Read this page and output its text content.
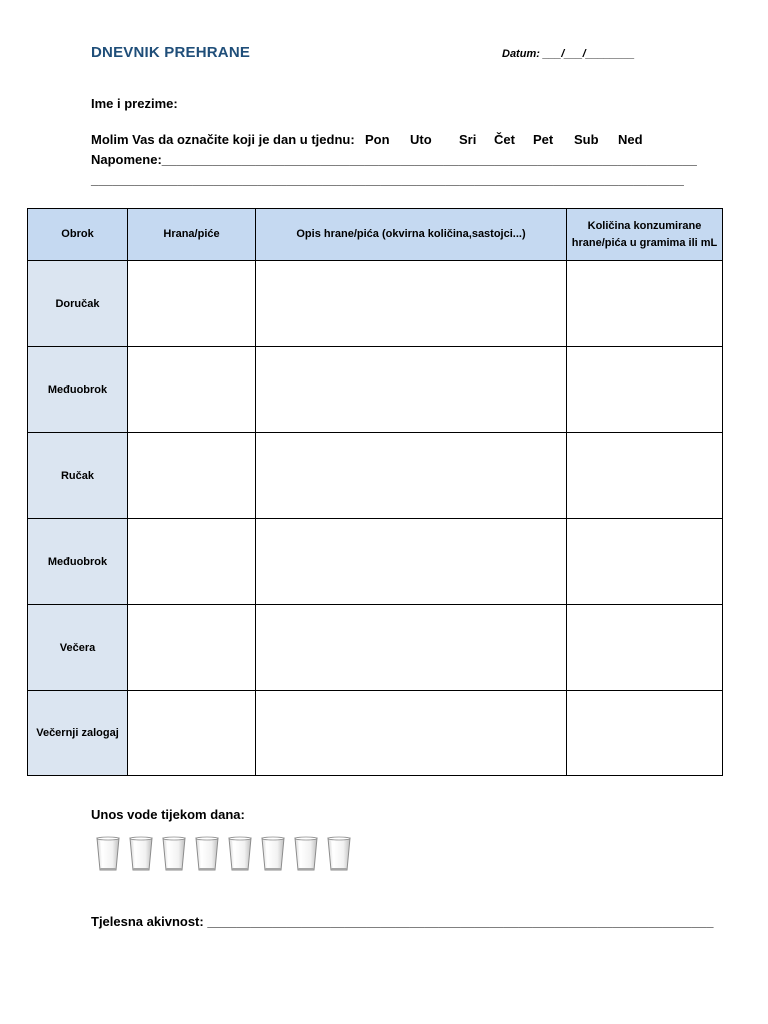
DNEVNIK PREHRANE	Datum: ___/___/________
Ime i prezime:
Molim Vas da označite koji je dan u tjednu: Pon Uto Sri Čet Pet Sub Ned
Napomene:__________________________________________________________________________
__________________________________________________________________________________
Obrok	Hrana/piće	Opis hrane/pića (okvirna količina,sastojci...)	Količina konzumirane hrane/pića u gramima ili mL
Doručak			
Međuobrok			
Ručak			
Međuobrok			
Večera			
Večernji zalogaj			
Unos vode tijekom dana:
Tjelesna akivnost: ______________________________________________________________________
